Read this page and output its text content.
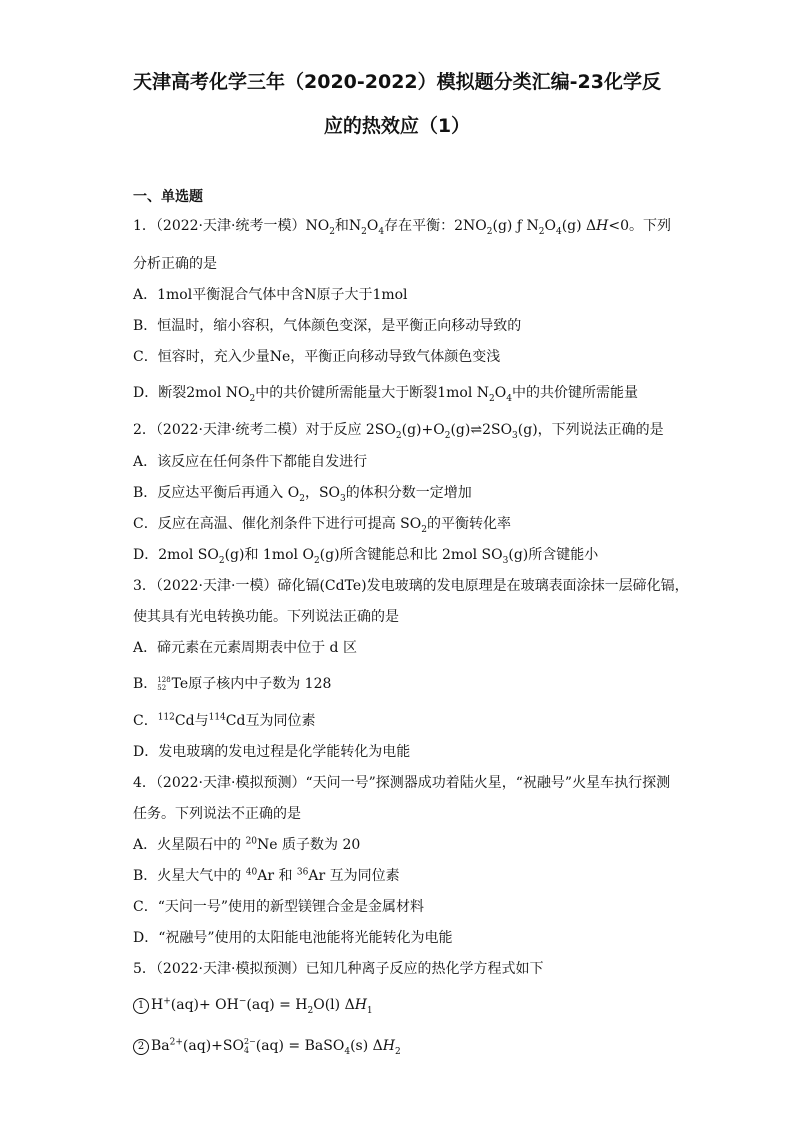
天津高考化学三年（2020-2022）模拟题分类汇编-23化学反
应的热效应（1）
一、单选题
1．（2022·天津·统考一模）$NO_2$和$N_2O_4$存在平衡：$2NO_2(g)$ ƒ $N_2O_4(g)$ ΔH<0。下列
分析正确的是
A．1mol平衡混合气体中含N原子大于1mol
B．恒温时，缩小容积，气体颜色变深，是平衡正向移动导致的
C．恒容时，充入少量Ne，平衡正向移动导致气体颜色变浅
D．断裂2mol $NO_2$中的共价键所需能量大于断裂1mol $N_2O_4$中的共价键所需能量
2．（2022·天津·统考二模）对于反应 $2SO_2(g)+O_2(g)\rightleftharpoons 2SO_3(g)$，下列说法正确的是
A．该反应在任何条件下都能自发进行
B．反应达平衡后再通入 $O_2$，$SO_3$的体积分数一定增加
C．反应在高温、催化剂条件下进行可提高 $SO_2$的平衡转化率
D．2mol $SO_2(g)$和 1mol $O_2(g)$所含键能总和比 2mol $SO_3(g)$所含键能小
3．（2022·天津·一模）碲化镉(CdTe)发电玻璃的发电原理是在玻璃表面涂抹一层碲化镉，
使其具有光电转换功能。下列说法正确的是
A．碲元素在元素周期表中位于 d 区
B． 128
52 Te原子核内中子数为 128
C．$^{112}$Cd与$^{114}$Cd互为同位素
D．发电玻璃的发电过程是化学能转化为电能
4．（2022·天津·模拟预测）“天问一号”探测器成功着陆火星，“祝融号”火星车执行探测
任务。下列说法不正确的是
A．火星陨石中的 $^{20}$Ne 质子数为 20
B．火星大气中的 $^{40}$Ar 和 $^{36}$Ar 互为同位素
C．“天问一号”使用的新型镁锂合金是金属材料
D．“祝融号”使用的太阳能电池能将光能转化为电能
5．（2022·天津·模拟预测）已知几种离子反应的热化学方程式如下
1 $H^+(aq)+ OH^-(aq) = H_2O(l)$ $\Delta H_1$
2 $Ba^{2+}(aq)+SO$ 2−
4 (aq) = BaSO$_4$(s) $\Delta H_2$
